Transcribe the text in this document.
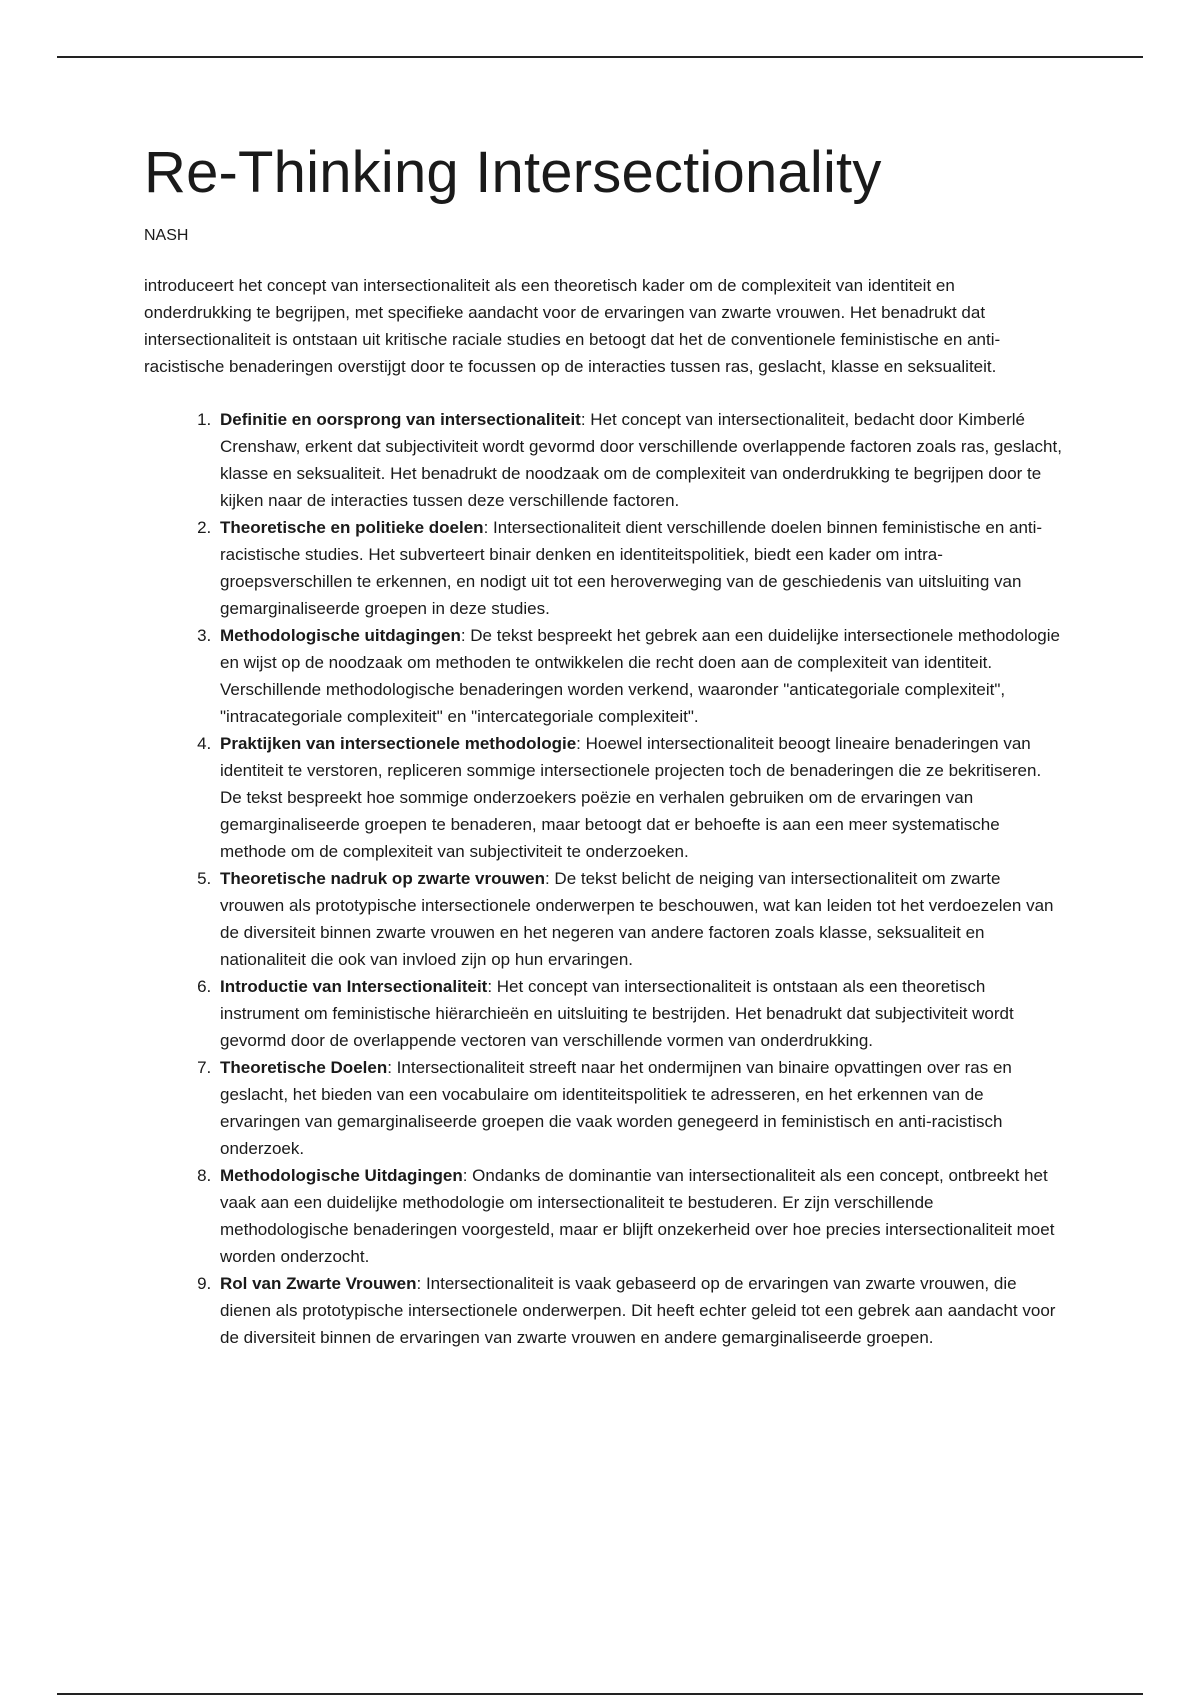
Re-Thinking Intersectionality

NASH

introduceert het concept van intersectionaliteit als een theoretisch kader om de complexiteit van identiteit en onderdrukking te begrijpen, met specifieke aandacht voor de ervaringen van zwarte vrouwen. Het benadrukt dat intersectionaliteit is ontstaan uit kritische raciale studies en betoogt dat het de conventionele feministische en anti-racistische benaderingen overstijgt door te focussen op de interacties tussen ras, geslacht, klasse en seksualiteit.

1. Definitie en oorsprong van intersectionaliteit: Het concept van intersectionaliteit, bedacht door Kimberlé Crenshaw, erkent dat subjectiviteit wordt gevormd door verschillende overlappende factoren zoals ras, geslacht, klasse en seksualiteit. Het benadrukt de noodzaak om de complexiteit van onderdrukking te begrijpen door te kijken naar de interacties tussen deze verschillende factoren.
2. Theoretische en politieke doelen: Intersectionaliteit dient verschillende doelen binnen feministische en anti-racistische studies. Het subverteert binair denken en identiteitspolitiek, biedt een kader om intra-groepsverschillen te erkennen, en nodigt uit tot een heroverweging van de geschiedenis van uitsluiting van gemarginaliseerde groepen in deze studies.
3. Methodologische uitdagingen: De tekst bespreekt het gebrek aan een duidelijke intersectionele methodologie en wijst op de noodzaak om methoden te ontwikkelen die recht doen aan de complexiteit van identiteit. Verschillende methodologische benaderingen worden verkend, waaronder "anticategoriale complexiteit", "intracategoriale complexiteit" en "intercategoriale complexiteit".
4. Praktijken van intersectionele methodologie: Hoewel intersectionaliteit beoogt lineaire benaderingen van identiteit te verstoren, repliceren sommige intersectionele projecten toch de benaderingen die ze bekritiseren. De tekst bespreekt hoe sommige onderzoekers poëzie en verhalen gebruiken om de ervaringen van gemarginaliseerde groepen te benaderen, maar betoogt dat er behoefte is aan een meer systematische methode om de complexiteit van subjectiviteit te onderzoeken.
5. Theoretische nadruk op zwarte vrouwen: De tekst belicht de neiging van intersectionaliteit om zwarte vrouwen als prototypische intersectionele onderwerpen te beschouwen, wat kan leiden tot het verdoezelen van de diversiteit binnen zwarte vrouwen en het negeren van andere factoren zoals klasse, seksualiteit en nationaliteit die ook van invloed zijn op hun ervaringen.
6. Introductie van Intersectionaliteit: Het concept van intersectionaliteit is ontstaan als een theoretisch instrument om feministische hiërarchieën en uitsluiting te bestrijden. Het benadrukt dat subjectiviteit wordt gevormd door de overlappende vectoren van verschillende vormen van onderdrukking.
7. Theoretische Doelen: Intersectionaliteit streeft naar het ondermijnen van binaire opvattingen over ras en geslacht, het bieden van een vocabulaire om identiteitspolitiek te adresseren, en het erkennen van de ervaringen van gemarginaliseerde groepen die vaak worden genegeerd in feministisch en anti-racistisch onderzoek.
8. Methodologische Uitdagingen: Ondanks de dominantie van intersectionaliteit als een concept, ontbreekt het vaak aan een duidelijke methodologie om intersectionaliteit te bestuderen. Er zijn verschillende methodologische benaderingen voorgesteld, maar er blijft onzekerheid over hoe precies intersectionaliteit moet worden onderzocht.
9. Rol van Zwarte Vrouwen: Intersectionaliteit is vaak gebaseerd op de ervaringen van zwarte vrouwen, die dienen als prototypische intersectionele onderwerpen. Dit heeft echter geleid tot een gebrek aan aandacht voor de diversiteit binnen de ervaringen van zwarte vrouwen en andere gemarginaliseerde groepen.
